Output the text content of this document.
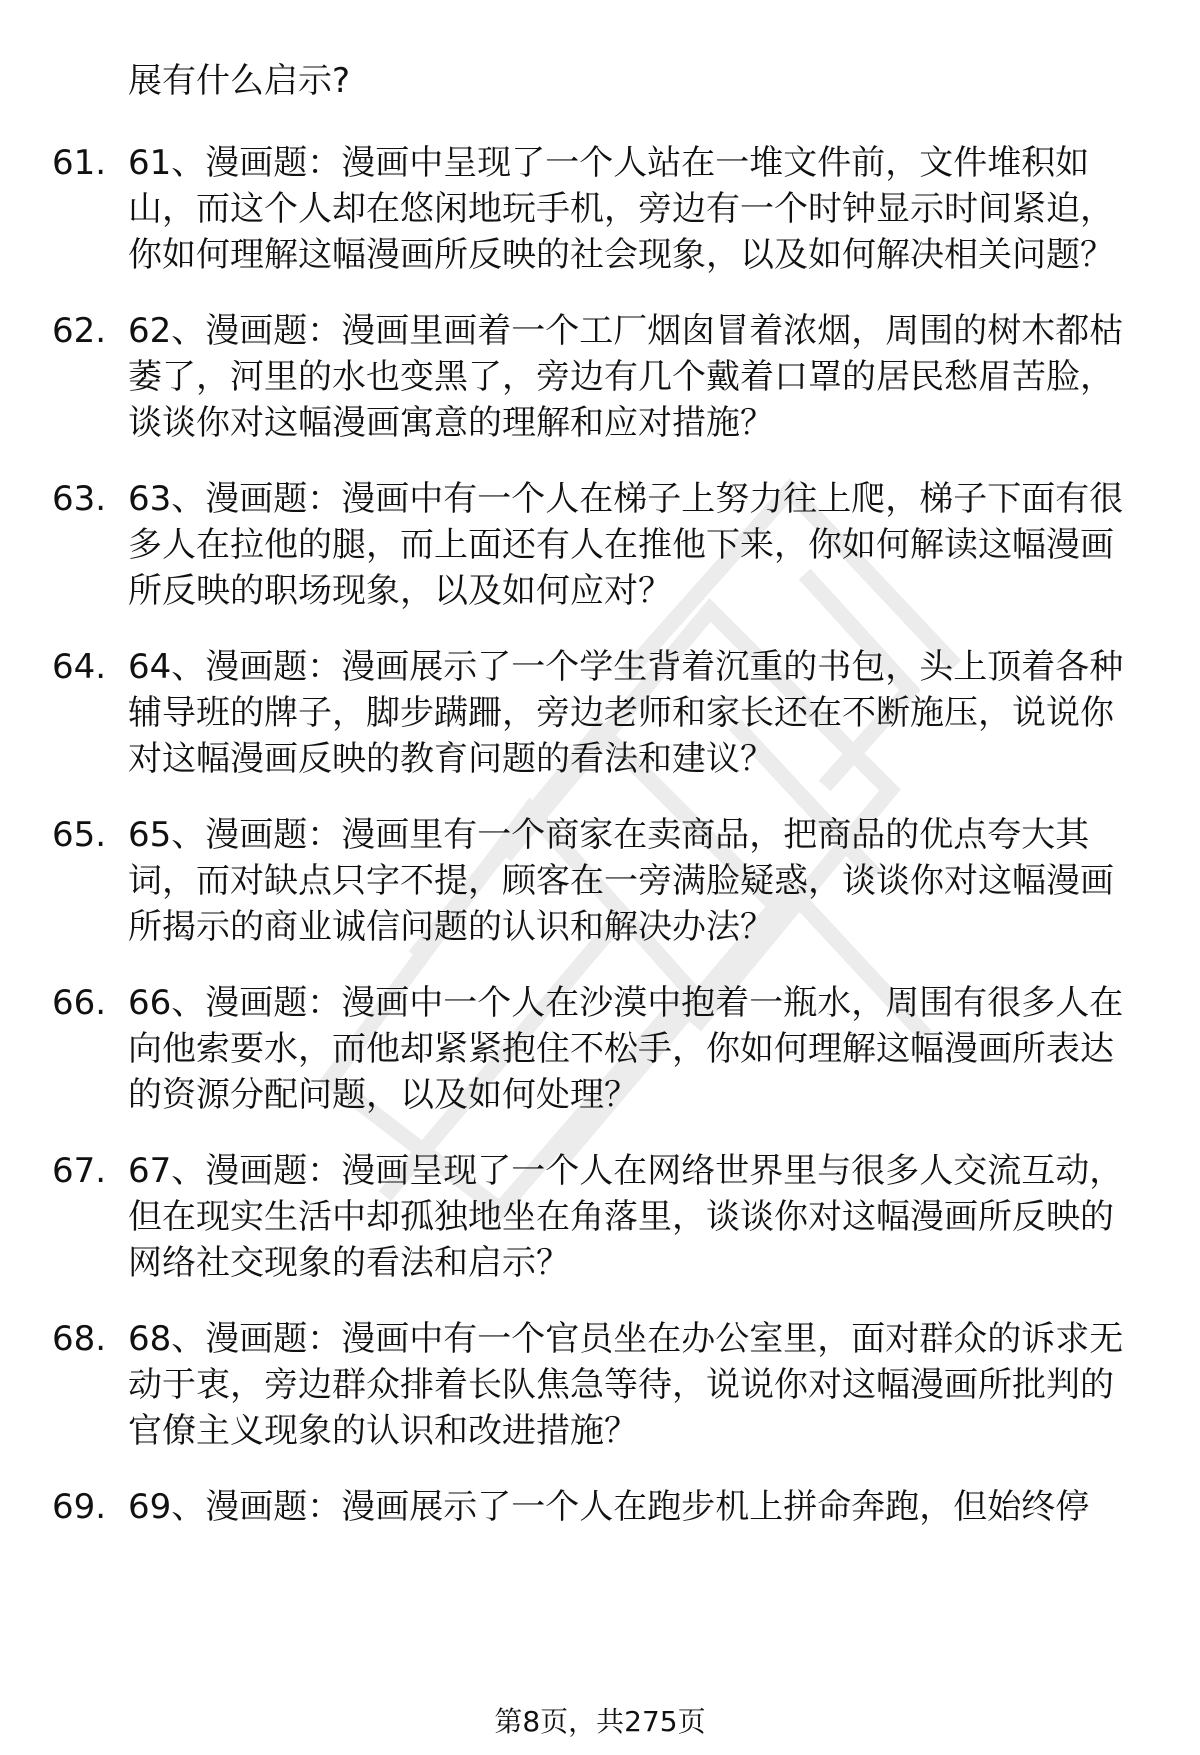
展有什么启示?
61. 61、漫画题：漫画中呈现了一个人站在一堆文件前，文件堆积如山，而这个人却在悠闲地玩手机，旁边有一个时钟显示时间紧迫，你如何理解这幅漫画所反映的社会现象，以及如何解决相关问题？
62. 62、漫画题：漫画里画着一个工厂烟囱冒着浓烟，周围的树木都枯萎了，河里的水也变黑了，旁边有几个戴着口罩的居民愁眉苦脸，谈谈你对这幅漫画寓意的理解和应对措施？
63. 63、漫画题：漫画中有一个人在梯子上努力往上爬，梯子下面有很多人在拉他的腿，而上面还有人在推他下来，你如何解读这幅漫画所反映的职场现象，以及如何应对？
64. 64、漫画题：漫画展示了一个学生背着沉重的书包，头上顶着各种辅导班的牌子，脚步蹒跚，旁边老师和家长还在不断施压，说说你对这幅漫画反映的教育问题的看法和建议？
65. 65、漫画题：漫画里有一个商家在卖商品，把商品的优点夸大其词，而对缺点只字不提，顾客在一旁满脸疑惑，谈谈你对这幅漫画所揭示的商业诚信问题的认识和解决办法？
66. 66、漫画题：漫画中一个人在沙漠中抱着一瓶水，周围有很多人在向他索要水，而他却紧紧抱住不松手，你如何理解这幅漫画所表达的资源分配问题，以及如何处理？
67. 67、漫画题：漫画呈现了一个人在网络世界里与很多人交流互动，但在现实生活中却孤独地坐在角落里，谈谈你对这幅漫画所反映的网络社交现象的看法和启示？
68. 68、漫画题：漫画中有一个官员坐在办公室里，面对群众的诉求无动于衷，旁边群众排着长队焦急等待，说说你对这幅漫画所批判的官僚主义现象的认识和改进措施？
69. 69、漫画题：漫画展示了一个人在跑步机上拼命奔跑，但始终停
第8页，共275页
